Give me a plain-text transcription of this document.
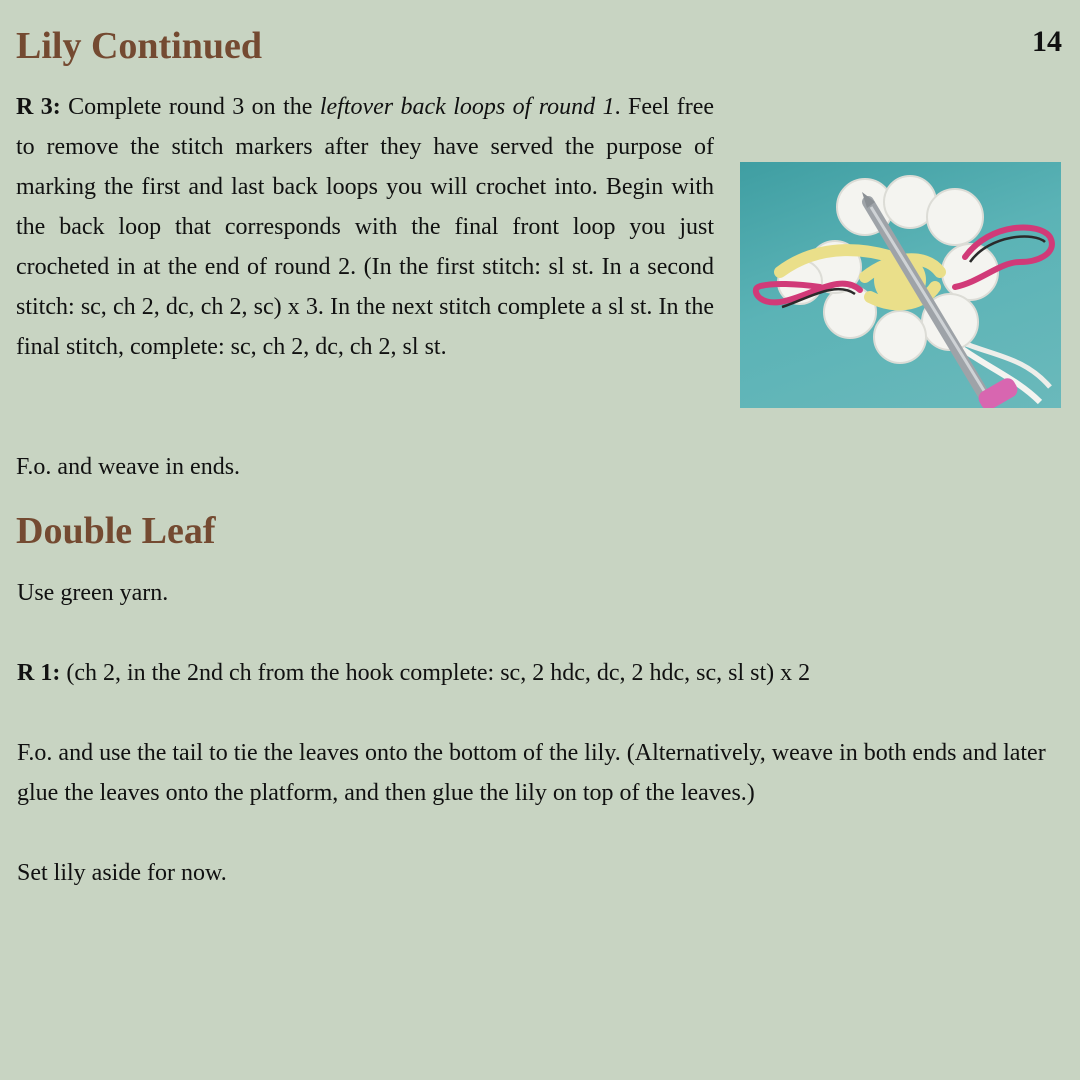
Lily Continued	14

R 3: Complete round 3 on the leftover back loops of round 1. Feel free to remove the stitch markers after they have served the purpose of marking the first and last back loops you will crochet into. Begin with the back loop that corresponds with the final front loop you just crocheted in at the end of round 2. (In the first stitch: sl st. In a second stitch: sc, ch 2, dc, ch 2, sc) x 3. In the next stitch complete a sl st. In the final stitch, complete: sc, ch 2, dc, ch 2, sl st.

F.o. and weave in ends.

Double Leaf

Use green yarn.

R 1: (ch 2, in the 2nd ch from the hook complete: sc, 2 hdc, dc, 2 hdc, sc, sl st) x 2

F.o. and use the tail to tie the leaves onto the bottom of the lily. (Alternatively, weave in both ends and later glue the leaves onto the platform, and then glue the lily on top of the leaves.)

Set lily aside for now.
